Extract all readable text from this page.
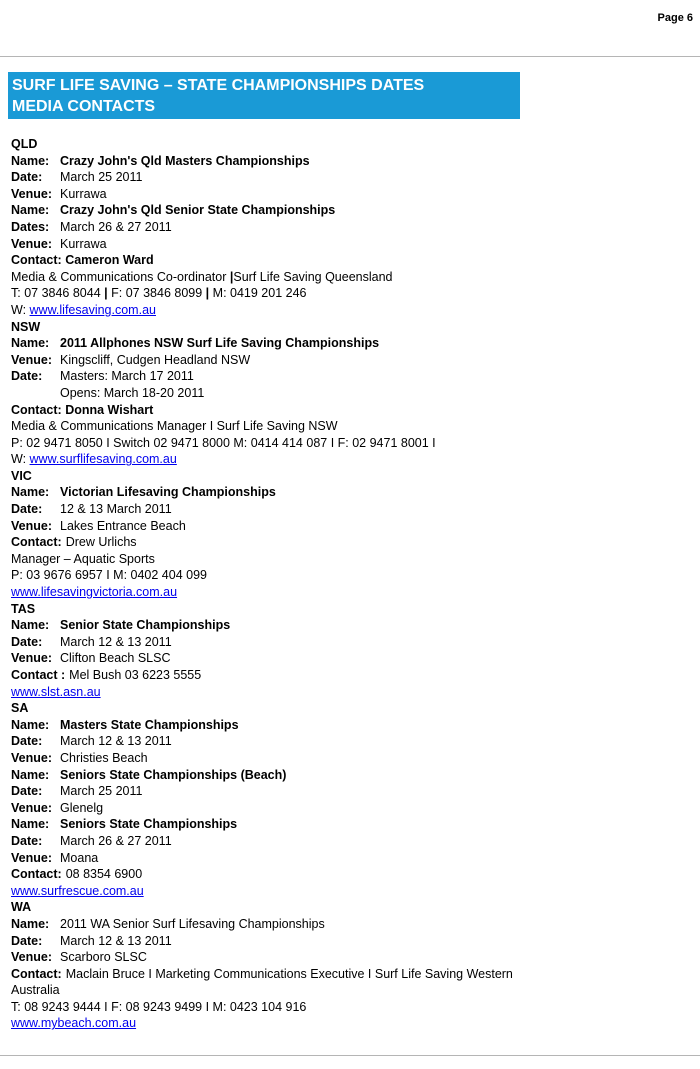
Page 6
SURF LIFE SAVING – STATE CHAMPIONSHIPS DATES
MEDIA CONTACTS
QLD
Name: Crazy John's Qld Masters Championships
Date: March 25 2011
Venue: Kurrawa
Name: Crazy John's Qld Senior State Championships
Dates: March 26 & 27 2011
Venue: Kurrawa
Contact: Cameron Ward
Media & Communications Co-ordinator |Surf Life Saving Queensland
T: 07 3846 8044 | F: 07 3846 8099 | M: 0419 201 246
W: www.lifesaving.com.au
NSW
Name: 2011 Allphones NSW Surf Life Saving Championships
Venue: Kingscliff, Cudgen Headland NSW
Date: Masters: March 17 2011
Opens: March 18-20 2011
Contact: Donna Wishart
Media & Communications Manager I Surf Life Saving NSW
P: 02 9471 8050 I Switch 02 9471 8000 M: 0414 414 087 I F: 02 9471 8001 I
W: www.surflifesaving.com.au
VIC
Name: Victorian Lifesaving Championships
Date: 12 & 13 March 2011
Venue: Lakes Entrance Beach
Contact: Drew Urlichs
Manager – Aquatic Sports
P: 03 9676 6957 I M: 0402 404 099
www.lifesavingvictoria.com.au
TAS
Name: Senior State Championships
Date: March 12 & 13 2011
Venue: Clifton Beach SLSC
Contact : Mel Bush 03 6223 5555
www.slst.asn.au
SA
Name: Masters State Championships
Date: March 12 & 13 2011
Venue: Christies Beach
Name: Seniors State Championships (Beach)
Date: March 25 2011
Venue: Glenelg
Name: Seniors State Championships
Date: March 26 & 27 2011
Venue: Moana
Contact: 08 8354 6900
www.surfrescue.com.au
WA
Name: 2011 WA Senior Surf Lifesaving Championships
Date: March 12 & 13 2011
Venue: Scarboro SLSC
Contact: Maclain Bruce I Marketing Communications Executive I Surf Life Saving Western
Australia
T: 08 9243 9444 I F: 08 9243 9499 I M: 0423 104 916
www.mybeach.com.au
